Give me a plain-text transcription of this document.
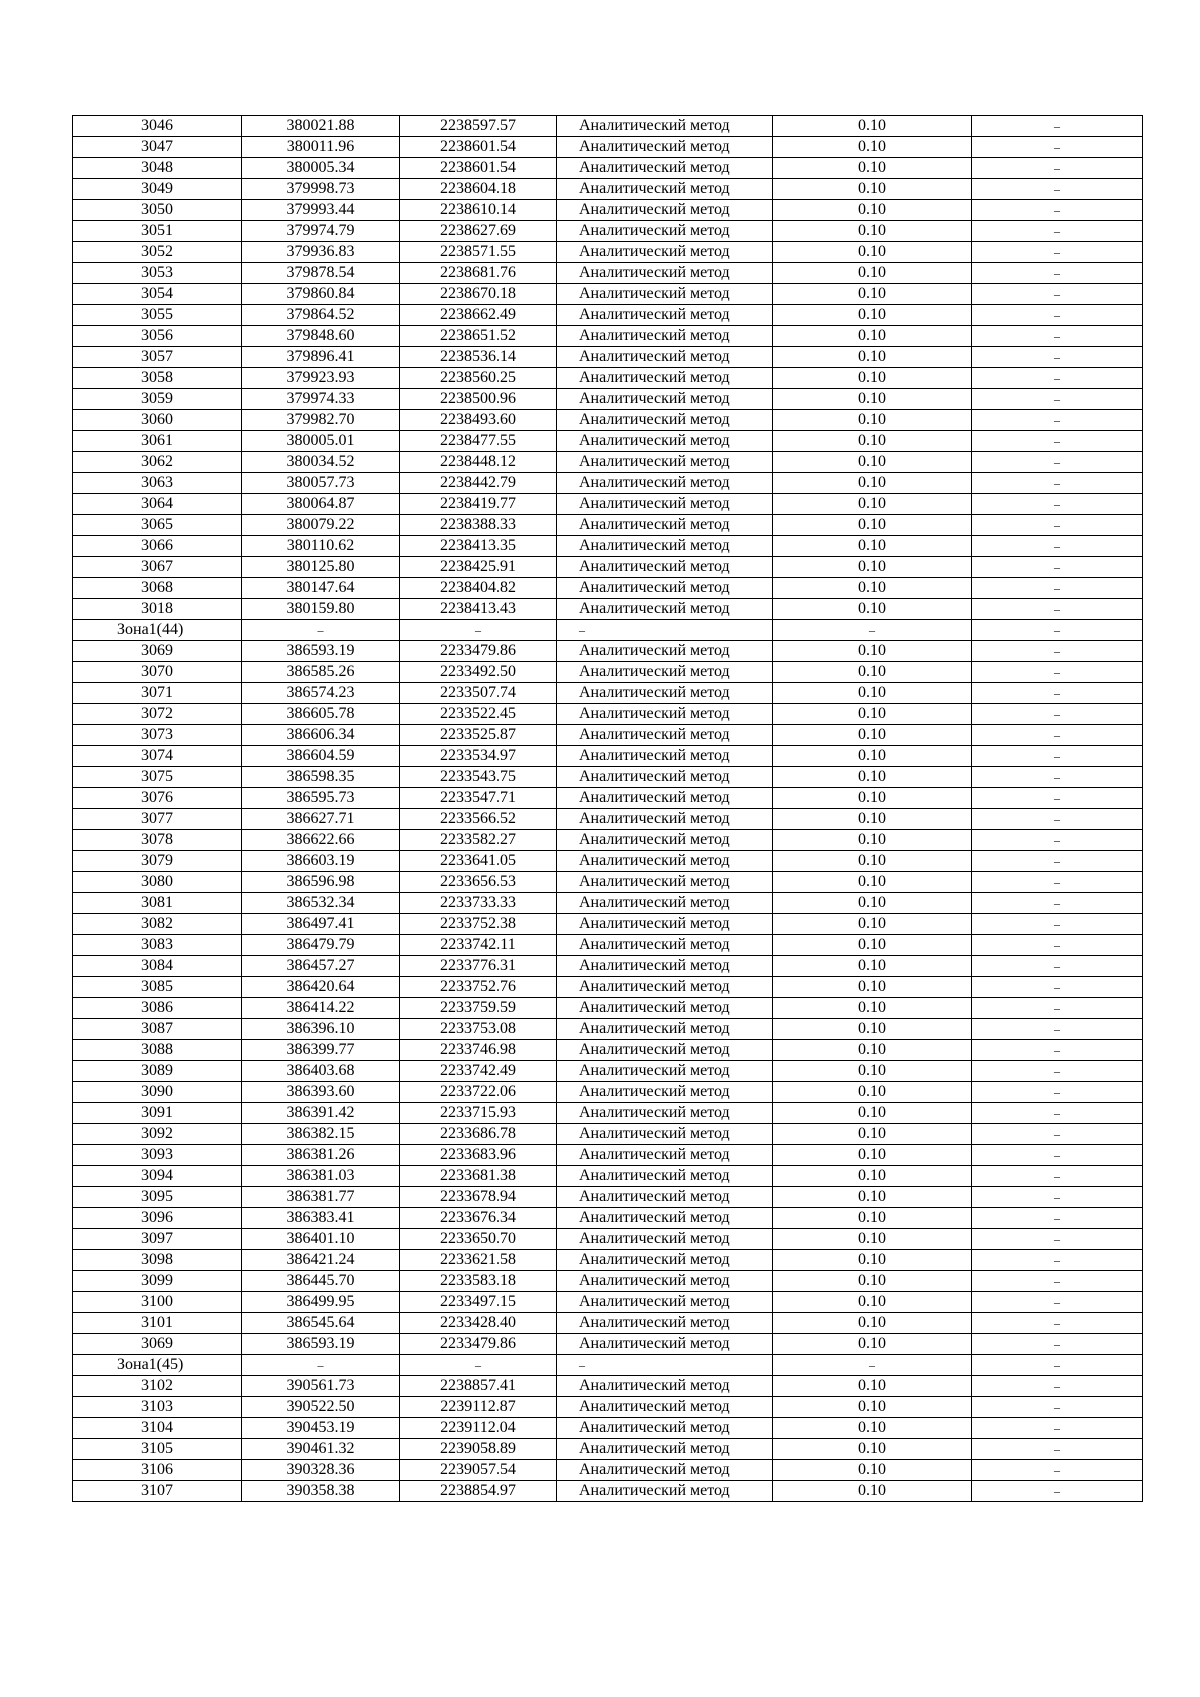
3046	380021.88	2238597.57	Аналитический метод	0.10	–
3047	380011.96	2238601.54	Аналитический метод	0.10	–
3048	380005.34	2238601.54	Аналитический метод	0.10	–
3049	379998.73	2238604.18	Аналитический метод	0.10	–
3050	379993.44	2238610.14	Аналитический метод	0.10	–
3051	379974.79	2238627.69	Аналитический метод	0.10	–
3052	379936.83	2238571.55	Аналитический метод	0.10	–
3053	379878.54	2238681.76	Аналитический метод	0.10	–
3054	379860.84	2238670.18	Аналитический метод	0.10	–
3055	379864.52	2238662.49	Аналитический метод	0.10	–
3056	379848.60	2238651.52	Аналитический метод	0.10	–
3057	379896.41	2238536.14	Аналитический метод	0.10	–
3058	379923.93	2238560.25	Аналитический метод	0.10	–
3059	379974.33	2238500.96	Аналитический метод	0.10	–
3060	379982.70	2238493.60	Аналитический метод	0.10	–
3061	380005.01	2238477.55	Аналитический метод	0.10	–
3062	380034.52	2238448.12	Аналитический метод	0.10	–
3063	380057.73	2238442.79	Аналитический метод	0.10	–
3064	380064.87	2238419.77	Аналитический метод	0.10	–
3065	380079.22	2238388.33	Аналитический метод	0.10	–
3066	380110.62	2238413.35	Аналитический метод	0.10	–
3067	380125.80	2238425.91	Аналитический метод	0.10	–
3068	380147.64	2238404.82	Аналитический метод	0.10	–
3018	380159.80	2238413.43	Аналитический метод	0.10	–
Зона1(44)	–	–	–	–	–
3069	386593.19	2233479.86	Аналитический метод	0.10	–
3070	386585.26	2233492.50	Аналитический метод	0.10	–
3071	386574.23	2233507.74	Аналитический метод	0.10	–
3072	386605.78	2233522.45	Аналитический метод	0.10	–
3073	386606.34	2233525.87	Аналитический метод	0.10	–
3074	386604.59	2233534.97	Аналитический метод	0.10	–
3075	386598.35	2233543.75	Аналитический метод	0.10	–
3076	386595.73	2233547.71	Аналитический метод	0.10	–
3077	386627.71	2233566.52	Аналитический метод	0.10	–
3078	386622.66	2233582.27	Аналитический метод	0.10	–
3079	386603.19	2233641.05	Аналитический метод	0.10	–
3080	386596.98	2233656.53	Аналитический метод	0.10	–
3081	386532.34	2233733.33	Аналитический метод	0.10	–
3082	386497.41	2233752.38	Аналитический метод	0.10	–
3083	386479.79	2233742.11	Аналитический метод	0.10	–
3084	386457.27	2233776.31	Аналитический метод	0.10	–
3085	386420.64	2233752.76	Аналитический метод	0.10	–
3086	386414.22	2233759.59	Аналитический метод	0.10	–
3087	386396.10	2233753.08	Аналитический метод	0.10	–
3088	386399.77	2233746.98	Аналитический метод	0.10	–
3089	386403.68	2233742.49	Аналитический метод	0.10	–
3090	386393.60	2233722.06	Аналитический метод	0.10	–
3091	386391.42	2233715.93	Аналитический метод	0.10	–
3092	386382.15	2233686.78	Аналитический метод	0.10	–
3093	386381.26	2233683.96	Аналитический метод	0.10	–
3094	386381.03	2233681.38	Аналитический метод	0.10	–
3095	386381.77	2233678.94	Аналитический метод	0.10	–
3096	386383.41	2233676.34	Аналитический метод	0.10	–
3097	386401.10	2233650.70	Аналитический метод	0.10	–
3098	386421.24	2233621.58	Аналитический метод	0.10	–
3099	386445.70	2233583.18	Аналитический метод	0.10	–
3100	386499.95	2233497.15	Аналитический метод	0.10	–
3101	386545.64	2233428.40	Аналитический метод	0.10	–
3069	386593.19	2233479.86	Аналитический метод	0.10	–
Зона1(45)	–	–	–	–	–
3102	390561.73	2238857.41	Аналитический метод	0.10	–
3103	390522.50	2239112.87	Аналитический метод	0.10	–
3104	390453.19	2239112.04	Аналитический метод	0.10	–
3105	390461.32	2239058.89	Аналитический метод	0.10	–
3106	390328.36	2239057.54	Аналитический метод	0.10	–
3107	390358.38	2238854.97	Аналитический метод	0.10	–
